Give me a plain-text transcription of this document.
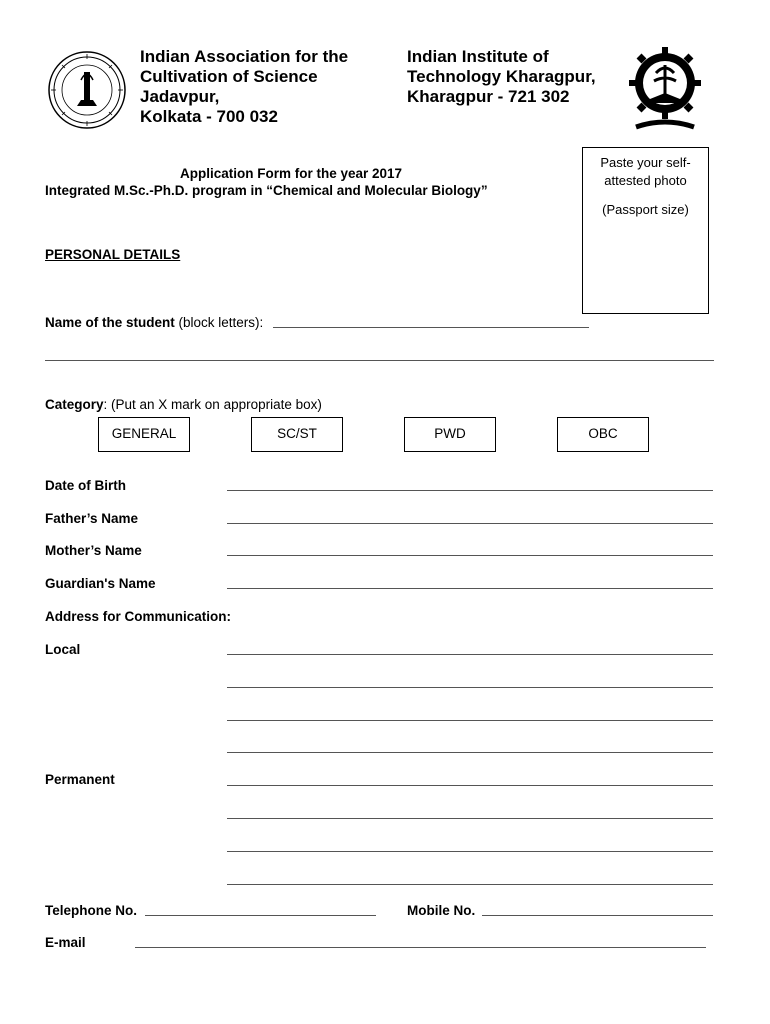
Indian Association for the
Cultivation of Science
Jadavpur,
Kolkata - 700 032
Indian Institute of
Technology Kharagpur,
Kharagpur - 721 302
Application Form for the year 2017
Integrated M.Sc.-Ph.D. program in “Chemical and Molecular Biology”
Paste your self-
attested photo
(Passport size)
PERSONAL DETAILS
Name of the student (block letters):
Category: (Put an X mark on appropriate box)
GENERAL	SC/ST	PWD	OBC
Date of Birth
Father’s Name
Mother’s Name
Guardian's Name
Address for Communication:
Local
Permanent
Telephone No.	Mobile No.
E-mail
